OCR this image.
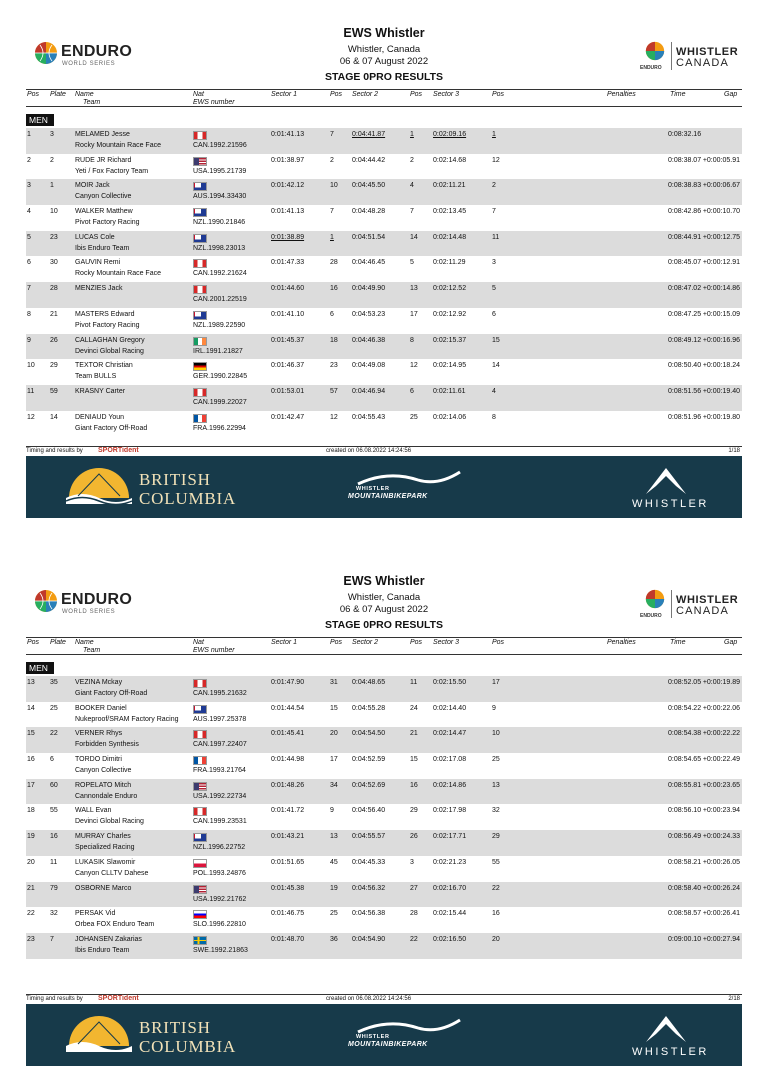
ENDURO
WORLD SERIES
EWS Whistler
Whistler, Canada
06 & 07 August 2022
STAGE 0PRO RESULTS
ENDURO
WHISTLER
CANADA
Pos Plate Name
Team
Nat
EWS number
Sector 1	Pos Sector 2	Pos Sector 3	Pos	Penalties	Time	Gap
MEN
1	3	MELAMED Jesse
Rocky Mountain Race Face	CAN.1992.21596
0:01:41.13	7	0:04:41.87	1	0:02:09.16	1	0:08:32.16
2	2	RUDE JR Richard
Yeti / Fox Factory Team	USA.1995.21739
0:01:38.97	2	0:04:44.42	2	0:02:14.68	12	0:08:38.07 +0:00:05.91
3	1	MOIR Jack
Canyon Collective	AUS.1994.33430
0:01:42.12	10 0:04:45.50	4	0:02:11.21	2	0:08:38.83 +0:00:06.67
4	10 WALKER Matthew
Pivot Factory Racing	NZL.1990.21846
0:01:41.13	7	0:04:48.28	7	0:02:13.45	7	0:08:42.86 +0:00:10.70
5	23 LUCAS Cole
Ibis Enduro Team	NZL.1998.23013
0:01:38.89	1	0:04:51.54	14 0:02:14.48	11	0:08:44.91 +0:00:12.75
6	30 GAUVIN Remi
Rocky Mountain Race Face	CAN.1992.21624
0:01:47.33	28 0:04:46.45	5	0:02:11.29	3	0:08:45.07 +0:00:12.91
7	28 MENZIES Jack
CAN.2001.22519
0:01:44.60	16 0:04:49.90	13 0:02:12.52	5	0:08:47.02 +0:00:14.86
8	21 MASTERS Edward
Pivot Factory Racing	NZL.1989.22590
0:01:41.10	6	0:04:53.23	17 0:02:12.92	6	0:08:47.25 +0:00:15.09
9	26 CALLAGHAN Gregory
Devinci Global Racing	IRL.1991.21827
0:01:45.37	18 0:04:46.38	8	0:02:15.37	15	0:08:49.12 +0:00:16.96
10 29 TEXTOR Christian
Team BULLS	GER.1990.22845
0:01:46.37	23 0:04:49.08	12 0:02:14.95	14	0:08:50.40 +0:00:18.24
11 59 KRASNY Carter
CAN.1999.22027
0:01:53.01	57 0:04:46.94	6	0:02:11.61	4	0:08:51.56 +0:00:19.40
12 14 DENIAUD Youn
Giant Factory Off-Road	FRA.1996.22994
0:01:42.47	12 0:04:55.43	25 0:02:14.06	8	0:08:51.96 +0:00:19.80
Timing and results by SPORTident	created on 06.08.2022 14:24:56	1/18
BRITISH
COLUMBIA	WHISTLER
MOUNTAINBIKEPARK
WHISTLER
ENDURO
WORLD SERIES
EWS Whistler
Whistler, Canada
06 & 07 August 2022
STAGE 0PRO RESULTS
ENDURO
WHISTLER
CANADA
Pos Plate Name
Team
Nat
EWS number
Sector 1	Pos Sector 2	Pos Sector 3	Pos	Penalties	Time	Gap
MEN
13 35 VEZINA Mckay
Giant Factory Off-Road	CAN.1995.21632
0:01:47.90	31 0:04:48.65	11 0:02:15.50	17	0:08:52.05 +0:00:19.89
14 25 BOOKER Daniel
Nukeproof/SRAM Factory Racing AUS.1997.25378
0:01:44.54	15 0:04:55.28	24 0:02:14.40	9	0:08:54.22 +0:00:22.06
15 22 VERNER Rhys
Forbidden Synthesis	CAN.1997.22407
0:01:45.41	20 0:04:54.50	21 0:02:14.47	10	0:08:54.38 +0:00:22.22
16 6	TORDO Dimitri
Canyon Collective	FRA.1993.21764
0:01:44.98	17 0:04:52.59	15 0:02:17.08	25	0:08:54.65 +0:00:22.49
17 60 ROPELATO Mitch
Cannondale Enduro	USA.1992.22734
0:01:48.26	34 0:04:52.69	16 0:02:14.86	13	0:08:55.81 +0:00:23.65
18 55 WALL Evan
Devinci Global Racing	CAN.1999.23531
0:01:41.72	9	0:04:56.40	29 0:02:17.98	32	0:08:56.10 +0:00:23.94
19 16 MURRAY Charles
Specialized Racing	NZL.1996.22752
0:01:43.21	13 0:04:55.57	26 0:02:17.71	29	0:08:56.49 +0:00:24.33
20 11	LUKASIK Slawomir
Canyon CLLTV Dahese	POL.1993.24876
0:01:51.65	45 0:04:45.33	3	0:02:21.23	55	0:08:58.21 +0:00:26.05
21 79 OSBORNE Marco
USA.1992.21762
0:01:45.38	19 0:04:56.32	27 0:02:16.70	22	0:08:58.40 +0:00:26.24
22 32 PERSAK Vid
Orbea FOX Enduro Team	SLO.1996.22810
0:01:46.75	25 0:04:56.38	28 0:02:15.44	16	0:08:58.57 +0:00:26.41
23 7	JOHANSEN Zakarias
Ibis Enduro Team	SWE.1992.21863
0:01:48.70	36 0:04:54.90	22 0:02:16.50	20	0:09:00.10 +0:00:27.94
Timing and results by SPORTident	created on 06.08.2022 14:24:56	2/18
BRITISH
COLUMBIA	WHISTLER
MOUNTAINBIKEPARK
WHISTLER
